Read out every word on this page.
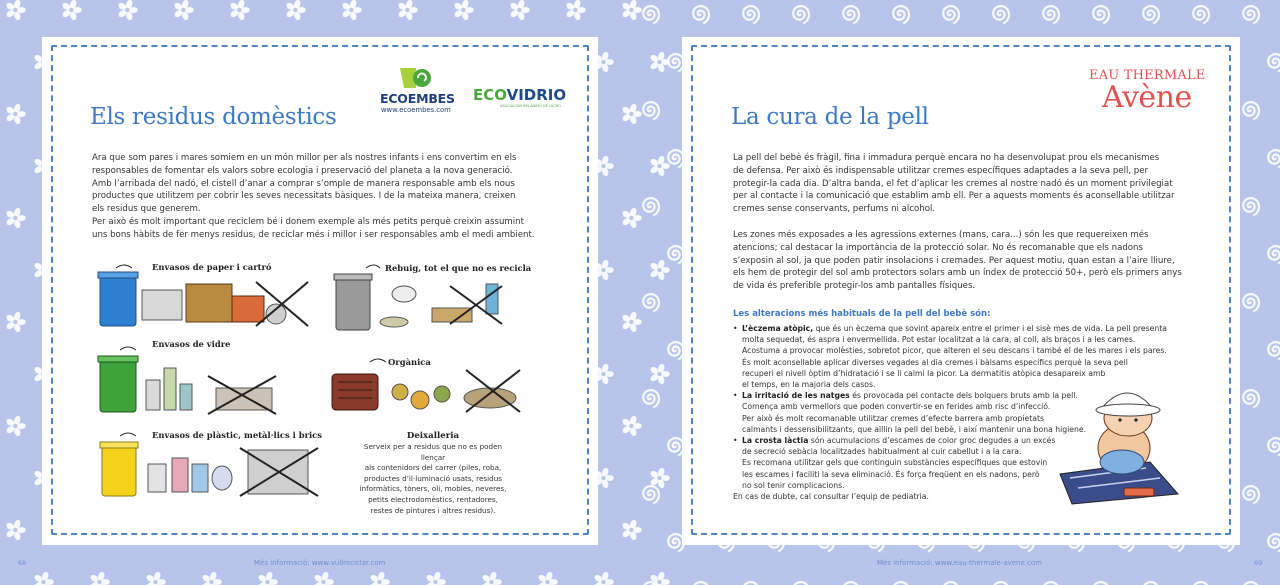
Els residus domèstics
ECOEMBES
www.ecoembes.com
ECOVIDRIO
ASOCIACIÓN SIN ÁNIMO DE LUCRO

Ara que som pares i mares somiem en un món millor per als nostres infants i ens convertim en els

responsables de fomentar els valors sobre ecologia i preservació del planeta a la nova generació.

Amb l’arribada del nadó, el cistell d’anar a comprar s’omple de manera responsable amb els nous

productes que utilitzem per cobrir les seves necessitats bàsiques. I de la mateixa manera, creixen

els residus que generem.

Per això és molt important que reciclem bé i donem exemple als més petits perquè creixin assumint

uns bons hàbits de fer menys residus, de reciclar més i millor i ser responsables amb el medi ambient.

Envasos de paper i cartró	Rebuig, tot el que no es recicla
Envasos de vidre
Orgànica
Envasos de plàstic, metàl·lics i brics	Deixalleria
Serveix per a residus que no es poden llençar
als contenidors del carrer (piles, roba,
productes d’il·luminació usats, residus
informàtics, tòners, oli, mobles, neveres,
petits electrodomèstics, rentadores,
restes de pintures i altres residus).
68	Més informació: www.vullreciclar.com
EAU THERMALE
Avène
La cura de la pell

La pell del bebè és fràgil, fina i immadura perquè encara no ha desenvolupat prou els mecanismes

de defensa. Per això és indispensable utilitzar cremes específiques adaptades a la seva pell, per

protegir-la cada dia. D’altra banda, el fet d’aplicar les cremes al nostre nadó és un moment privilegiat

per al contacte i la comunicació que establim amb ell. Per a aquests moments és aconsellable utilitzar

cremes sense conservants, perfums ni alcohol.

Les zones més exposades a les agressions externes (mans, cara...) són les que requereixen més

atencions; cal destacar la importància de la protecció solar. No és recomanable que els nadons

s’exposin al sol, ja que poden patir insolacions i cremades. Per aquest motiu, quan estan a l’aire lliure,

els hem de protegir del sol amb protectors solars amb un índex de protecció 50+, però els primers anys

de vida és preferible protegir-los amb pantalles físiques.

Les alteracions més habituals de la pell del bebè són:
• L’èczema atòpic, que és un èczema que sovint apareix entre el primer i el sisè mes de vida. La pell presenta
molta sequedat, és aspra i envermellida. Pot estar localitzat a la cara, al coll, als braços i a les cames.
Acostuma a provocar molèsties, sobretot picor, que alteren el seu descans i també el de les mares i els pares.
És molt aconsellable aplicar diverses vegades al dia cremes i bàlsams específics perquè la seva pell
recuperi el nivell òptim d’hidratació i se li calmi la picor. La dermatitis atòpica desapareix amb
el temps, en la majoria dels casos.
• La irritació de les natges és provocada pel contacte dels bolquers bruts amb la pell.
Comença amb vermellors que poden convertir-se en ferides amb risc d’infecció.
Per això és molt recomanable utilitzar cremes d’efecte barrera amb propietats
calmants i dessensibilitzants, que aïllin la pell del bebè, i així mantenir una bona higiene.
• La crosta làctia són acumulacions d’escames de color groc degudes a un excés
de secreció sebàcia localitzades habitualment al cuir cabellut i a la cara.
Es recomana utilitzar gels que continguin substàncies específiques que estovin
les escames i faciliti la seva eliminació. És força freqüent en els nadons, però
no sol tenir complicacions.
En cas de dubte, cal consultar l’equip de pediatria.
Més informació: www.eau-thermale-avene.com	69
